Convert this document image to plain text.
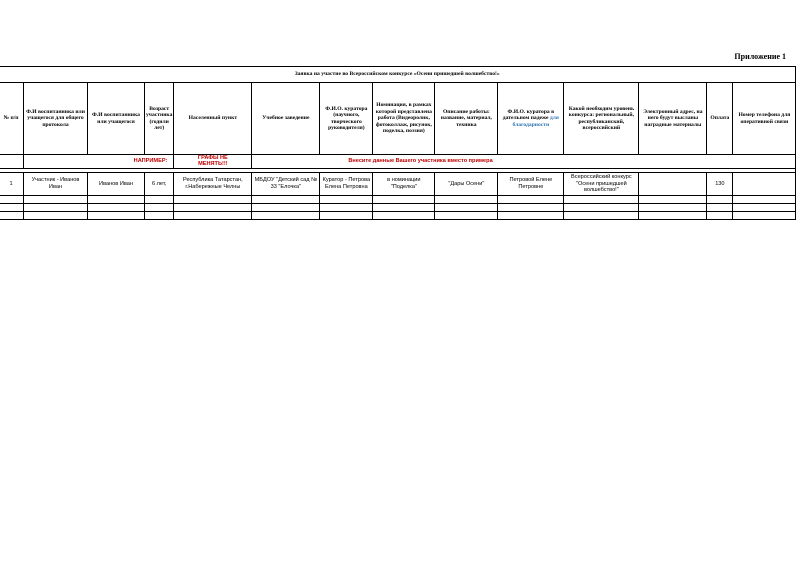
Приложение 1
Заявка на участие во Всероссийском конкурсе «Осени пришедшей волшебство!»													
№ п/п	Ф.И воспитанника или учащегося для общего протокола	Ф.И воспитанника или учащегося	Возраст участника (годили лет)	Населенный пункт	Учебное заведение	Ф.И.О. куратора (научного, творческого руководителя)	Номинация, в рамках которой представлена работа (Видеоролик, фотоколлаж, рисунок, поделка, поэзия)	Описание работы: название, материал, техника	Ф.И.О. куратора в дательном падеже для благодарности	Какой необходим уровень конкурса: региональный, республиканский, всероссийский	Электронный адрес, на него будут высланы наградные материалы	Оплата	Номер телефона для оперативной связи
	НАПРИМЕР:			ГРАФЫ НЕ МЕНЯТЬ!!!	Внесите данные Вашего участника вместо примера								

1	Участник - Иванов Иван	Иванов Иван	6 лет,	Республика Татарстан, г.Набережные Челны	МБДОУ "Детский сад № 33 "Елочка"	Куратор - Петрова Елена Петровна	в номинации "Поделка"	"Дары Осени"	Петровой Елене Петровне	Всероссийский конкурс "Осени пришедшей волшебство!"		130	
